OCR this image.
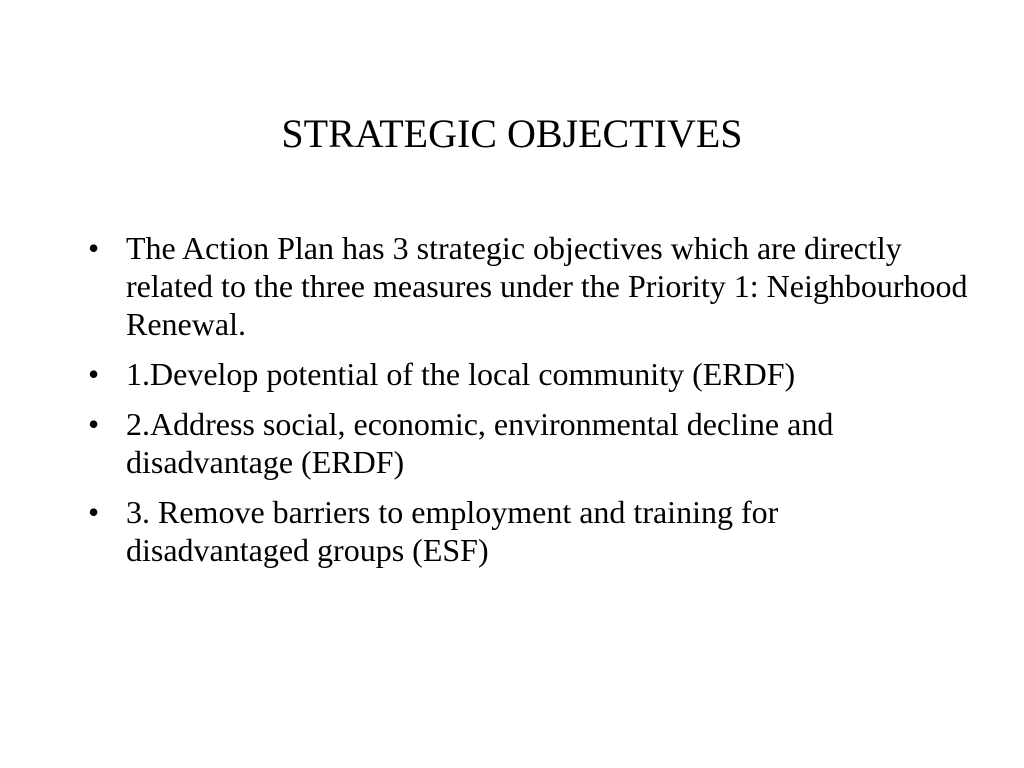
STRATEGIC OBJECTIVES
• The Action Plan has 3 strategic objectives which are directly related to the three measures under the Priority 1: Neighbourhood Renewal.
• 1.Develop potential of the local community (ERDF)
• 2.Address social, economic, environmental decline and disadvantage (ERDF)
• 3. Remove barriers to employment and training for disadvantaged groups (ESF)
